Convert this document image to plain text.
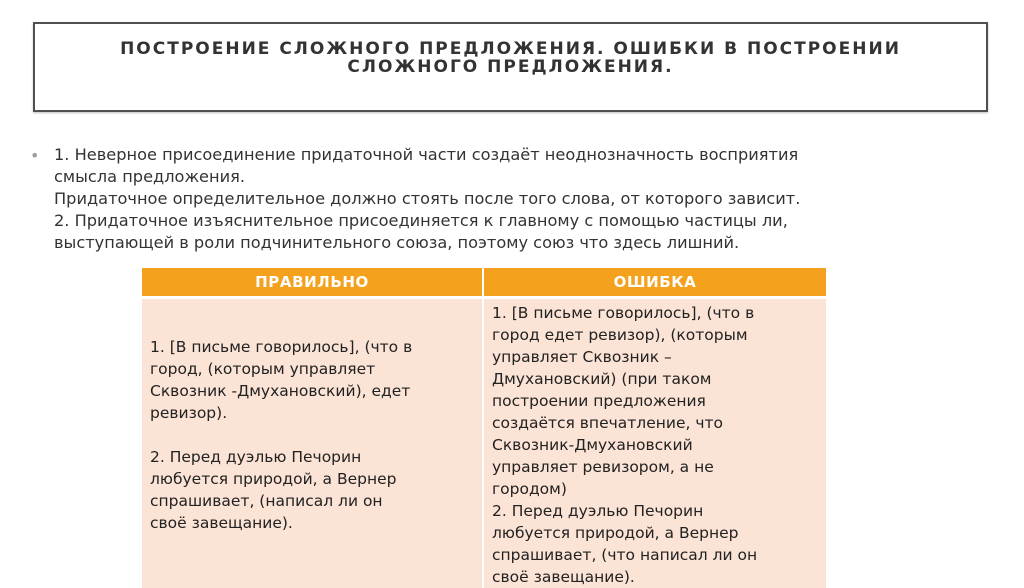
ПОСТРОЕНИЕ СЛОЖНОГО ПРЕДЛОЖЕНИЯ. ОШИБКИ В ПОСТРОЕНИИ
СЛОЖНОГО ПРЕДЛОЖЕНИЯ.
• 1. Неверное присоединение придаточной части создаёт неоднозначность восприятия
смысла предложения.
Придаточное определительное должно стоять после того слова, от которого зависит.
2. Придаточное изъяснительное присоединяется к главному с помощью частицы ли,
выступающей в роли подчинительного союза, поэтому союз что здесь лишний.
ПРАВИЛЬНО	ОШИБКА
1. [В письме говорилось], (что в
город, (которым управляет
Сквозник -Дмухановский), едет
ревизор).
2. Перед дуэлью Печорин
любуется природой, а Вернер
спрашивает, (написал ли он
своё завещание).
1. [В письме говорилось], (что в
город едет ревизор), (которым
управляет Сквозник –
Дмухановский) (при таком
построении предложения
создаётся впечатление, что
Сквозник-Дмухановский
управляет ревизором, а не
городом)
2. Перед дуэлью Печорин
любуется природой, а Вернер
спрашивает, (что написал ли он
своё завещание).
